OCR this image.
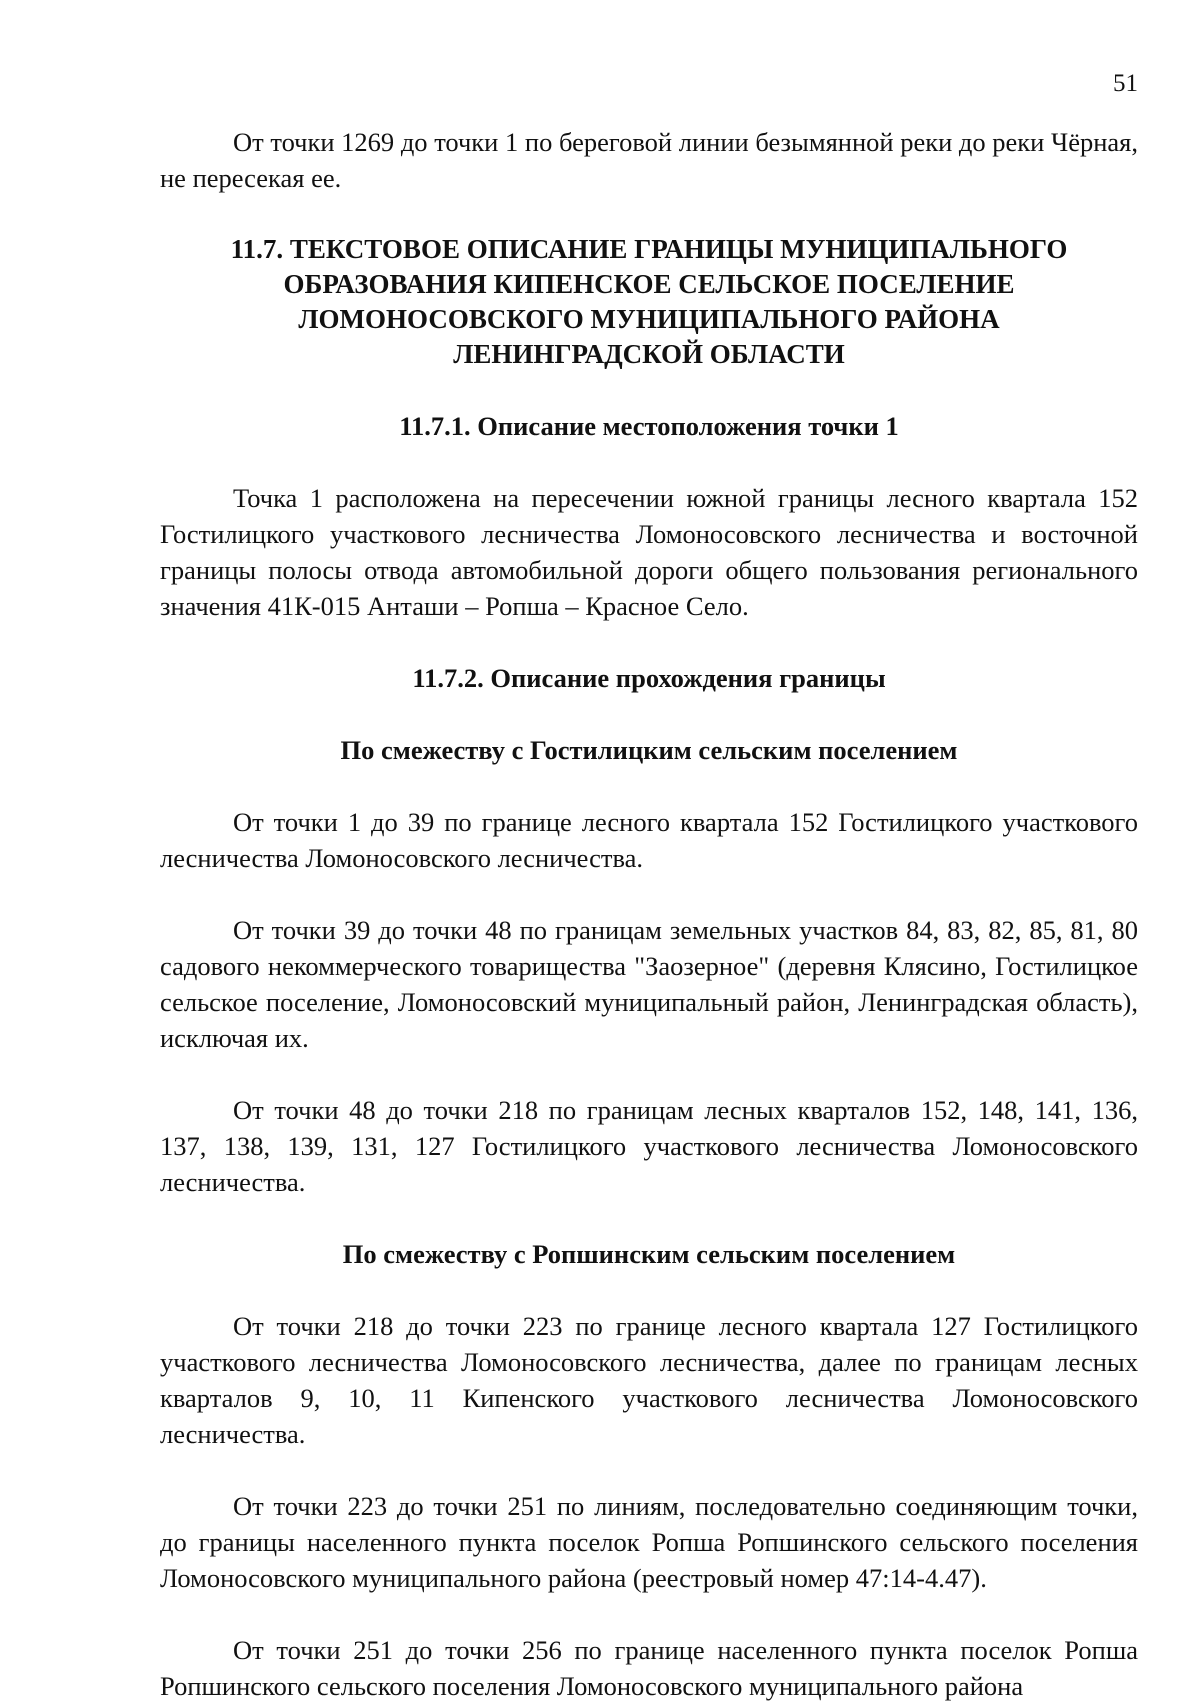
51

От точки 1269 до точки 1 по береговой линии безымянной реки до реки Чёрная, не пересекая ее.

11.7. ТЕКСТОВОЕ ОПИСАНИЕ ГРАНИЦЫ МУНИЦИПАЛЬНОГО ОБРАЗОВАНИЯ КИПЕНСКОЕ СЕЛЬСКОЕ ПОСЕЛЕНИЕ ЛОМОНОСОВСКОГО МУНИЦИПАЛЬНОГО РАЙОНА ЛЕНИНГРАДСКОЙ ОБЛАСТИ
11.7.1. Описание местоположения точки 1

Точка 1 расположена на пересечении южной границы лесного квартала 152 Гостилицкого участкового лесничества Ломоносовского лесничества и восточной границы полосы отвода автомобильной дороги общего пользования регионального значения 41К-015 Анташи – Ропша – Красное Село.

11.7.2. Описание прохождения границы
По смежеству с Гостилицким сельским поселением

От точки 1 до 39 по границе лесного квартала 152 Гостилицкого участкового лесничества Ломоносовского лесничества.

От точки 39 до точки 48 по границам земельных участков 84, 83, 82, 85, 81, 80 садового некоммерческого товарищества "Заозерное" (деревня Клясино, Гостилицкое сельское поселение, Ломоносовский муниципальный район, Ленинградская область), исключая их.

От точки 48 до точки 218 по границам лесных кварталов 152, 148, 141, 136, 137, 138, 139, 131, 127 Гостилицкого участкового лесничества Ломоносовского лесничества.

По смежеству с Ропшинским сельским поселением

От точки 218 до точки 223 по границе лесного квартала 127 Гостилицкого участкового лесничества Ломоносовского лесничества, далее по границам лесных кварталов 9, 10, 11 Кипенского участкового лесничества Ломоносовского лесничества.

От точки 223 до точки 251 по линиям, последовательно соединяющим точки, до границы населенного пункта поселок Ропша Ропшинского сельского поселения Ломоносовского муниципального района (реестровый номер 47:14-4.47).

От точки 251 до точки 256 по границе населенного пункта поселок Ропша Ропшинского сельского поселения Ломоносовского муниципального района
